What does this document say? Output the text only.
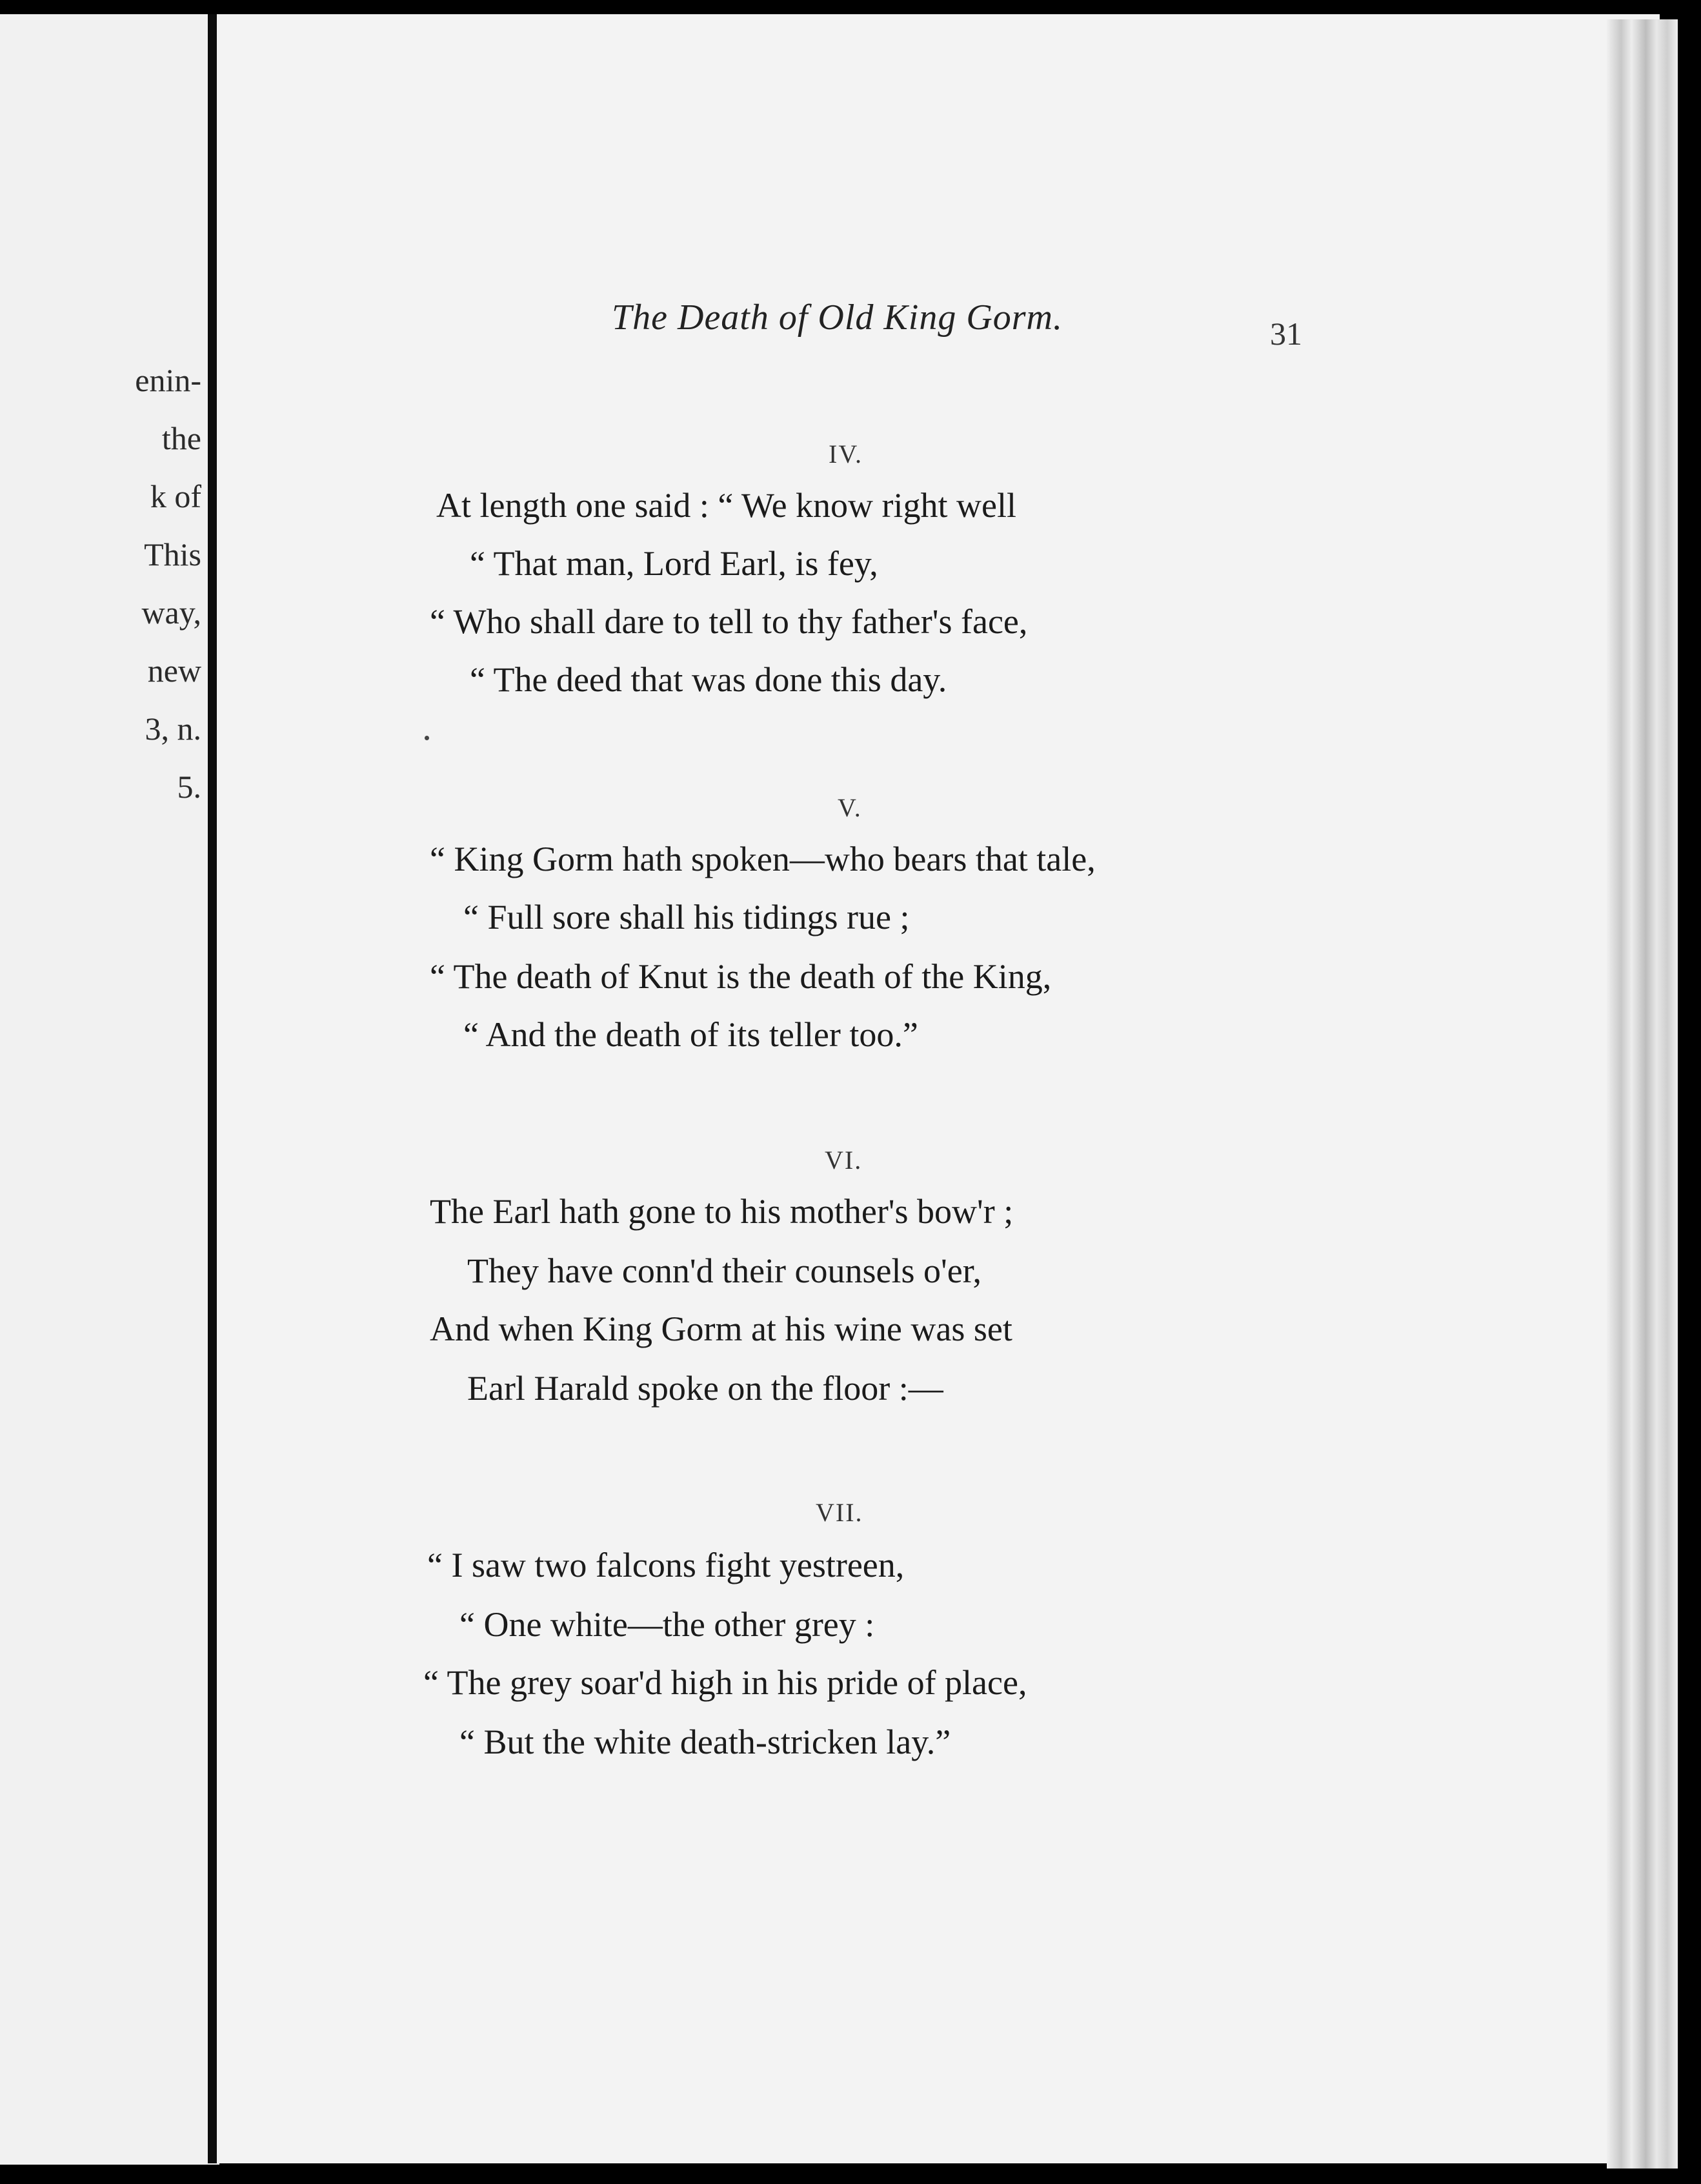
enin-
the
k of
This
way,
new
3, n.
5.
The Death of Old King Gorm.	31
IV.
At length one said : “ We know right well
“ That man, Lord Earl, is fey,
“ Who shall dare to tell to thy father's face,
“ The deed that was done this day.
V.
“ King Gorm hath spoken—who bears that tale,
“ Full sore shall his tidings rue ;
“ The death of Knut is the death of the King,
“ And the death of its teller too.”
VI.
The Earl hath gone to his mother's bow'r ;
They have conn'd their counsels o'er,
And when King Gorm at his wine was set
Earl Harald spoke on the floor :—
VII.
“ I saw two falcons fight yestreen,
“ One white—the other grey :
“ The grey soar'd high in his pride of place,
“ But the white death-stricken lay.”
